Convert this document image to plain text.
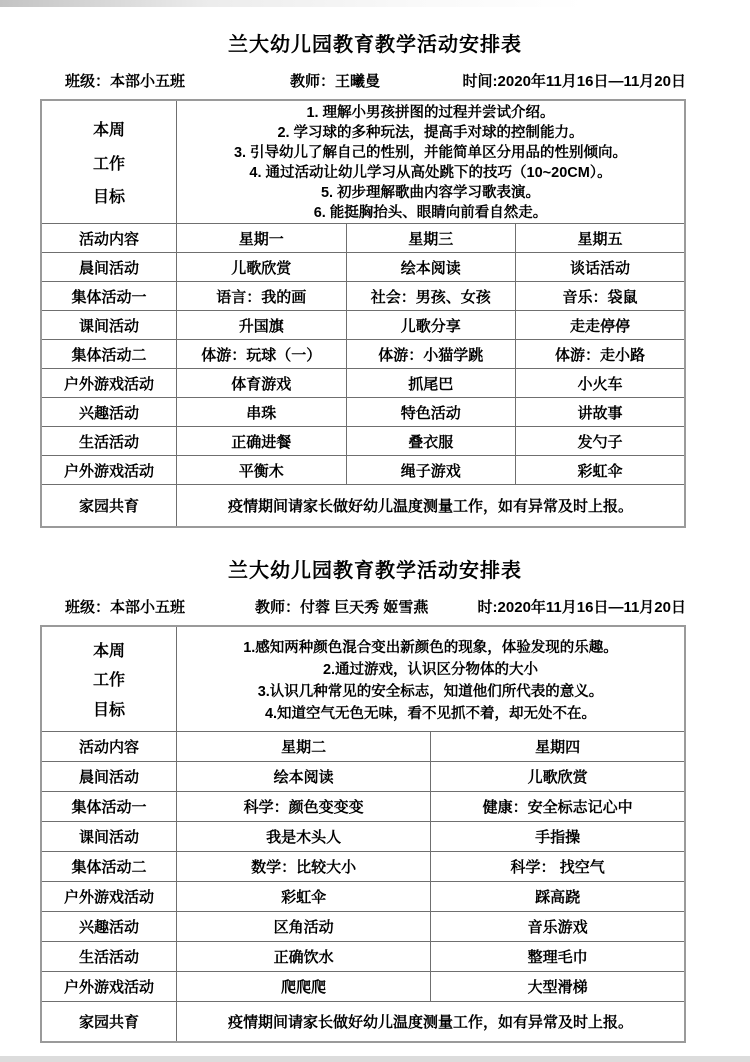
兰大幼儿园教育教学活动安排表
班级：本部小五班	教师：王曦曼	时间:2020年11月16日—11月20日
本周
工作
目标

1. 理解小男孩拼图的过程并尝试介绍。
2. 学习球的多种玩法，提高手对球的控制能力。
3. 引导幼儿了解自己的性别，并能简单区分用品的性别倾向。
4. 通过活动让幼儿学习从高处跳下的技巧（10~20CM）。
5. 初步理解歌曲内容学习歌表演。
6. 能挺胸抬头、眼睛向前看自然走。

活动内容	星期一	星期三	星期五
晨间活动	儿歌欣赏	绘本阅读	谈话活动
集体活动一	语言：我的画	社会：男孩、女孩	音乐：袋鼠
课间活动	升国旗	儿歌分享	走走停停
集体活动二	体游：玩球（一）	体游：小猫学跳	体游：走小路
户外游戏活动	体育游戏	抓尾巴	小火车
兴趣活动	串珠	特色活动	讲故事
生活活动	正确进餐	叠衣服	发勺子
户外游戏活动	平衡木	绳子游戏	彩虹伞
家园共育	疫情期间请家长做好幼儿温度测量工作，如有异常及时上报。		
兰大幼儿园教育教学活动安排表
班级：本部小五班	教师：付蓉 巨天秀 姬雪燕	时:2020年11月16日—11月20日
本周
工作
目标

1.感知两种颜色混合变出新颜色的现象，体验发现的乐趣。
2.通过游戏，认识区分物体的大小
3.认识几种常见的安全标志，知道他们所代表的意义。
4.知道空气无色无味，看不见抓不着，却无处不在。

活动内容	星期二	星期四
晨间活动	绘本阅读	儿歌欣赏
集体活动一	科学：颜色变变变	健康：安全标志记心中
课间活动	我是木头人	手指操
集体活动二	数学：比较大小	科学： 找空气
户外游戏活动	彩虹伞	踩高跷
兴趣活动	区角活动	音乐游戏
生活活动	正确饮水	整理毛巾
户外游戏活动	爬爬爬	大型滑梯
家园共育	疫情期间请家长做好幼儿温度测量工作，如有异常及时上报。	
